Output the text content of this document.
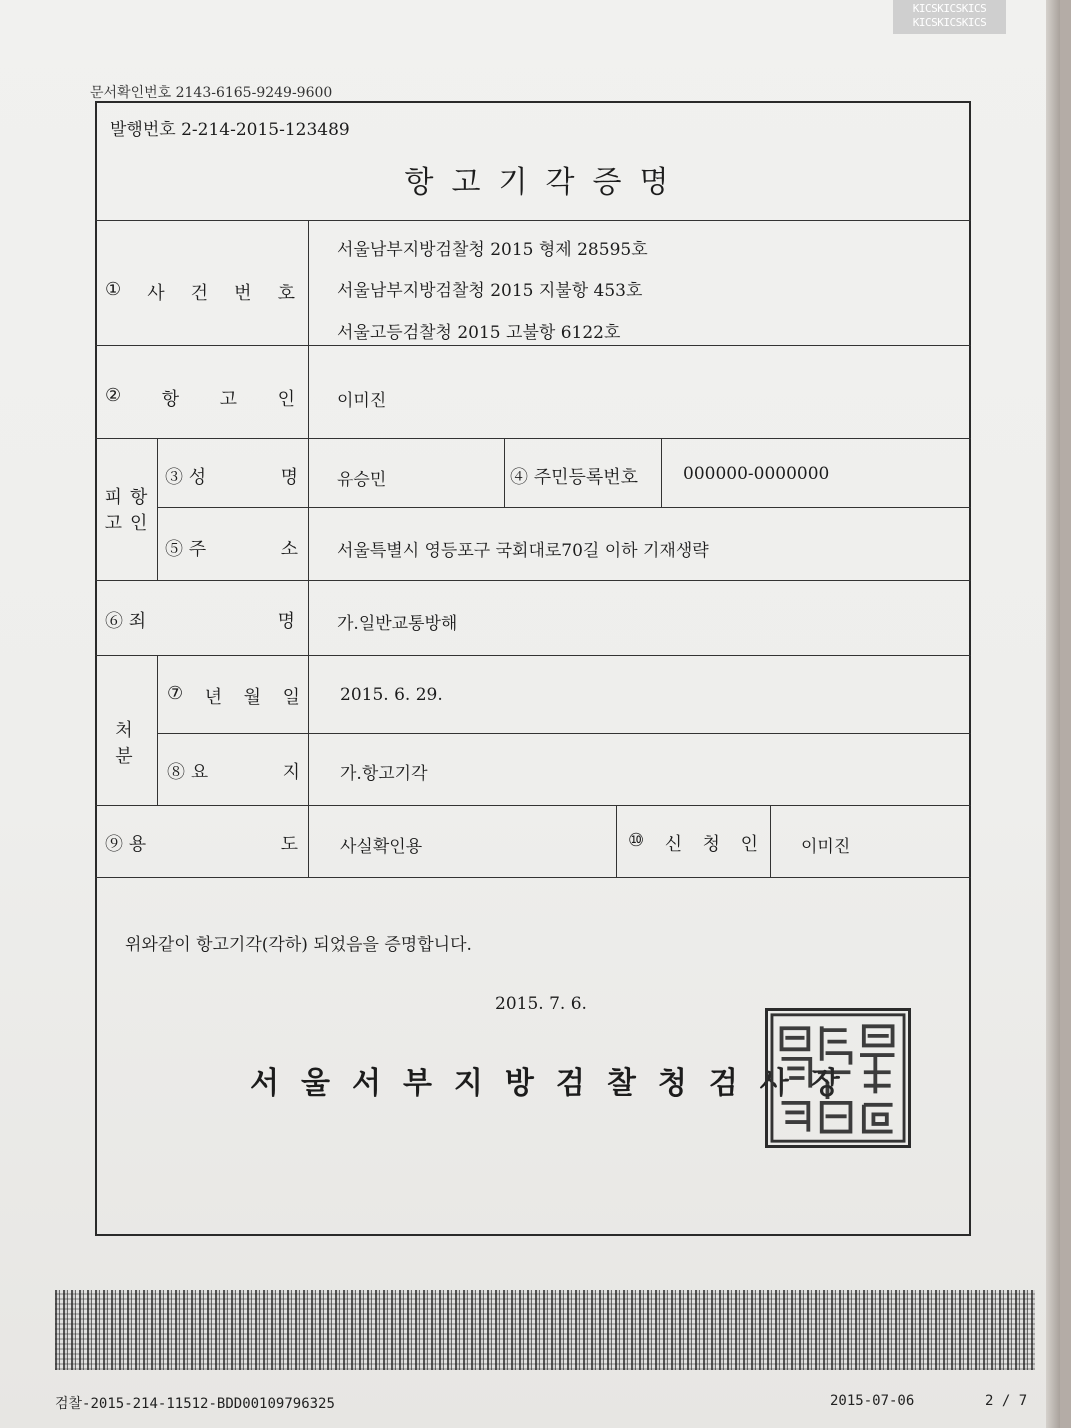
KICSKICSKICS
KICSKICSKICS
문서확인번호 2143-6165-9249-9600
발행번호 2-214-2015-123489
항고기각증명
① 사 건 번 호
서울남부지방검찰청 2015 형제 28595호
서울남부지방검찰청 2015 지불항 453호
서울고등검찰청 2015 고불항 6122호
② 항 고 인 이미진
피항
고인
③ 성	명 유승민	④ 주민등록번호	000000-0000000
⑤ 주	소 서울특별시 영등포구 국회대로70길 이하 기재생략
⑥ 죄	명 가.일반교통방해
처분
⑦ 년 월 일 2015. 6. 29.
⑧ 요	지 가.항고기각
⑨ 용	도 사실확인용	⑩ 신 청 인	이미진
위와같이 항고기각(각하) 되었음을 증명합니다.
2015. 7. 6.
서울서부지방검찰청검사장
검찰-2015-214-11512-BDD00109796325	2015-07-06	2 / 7
